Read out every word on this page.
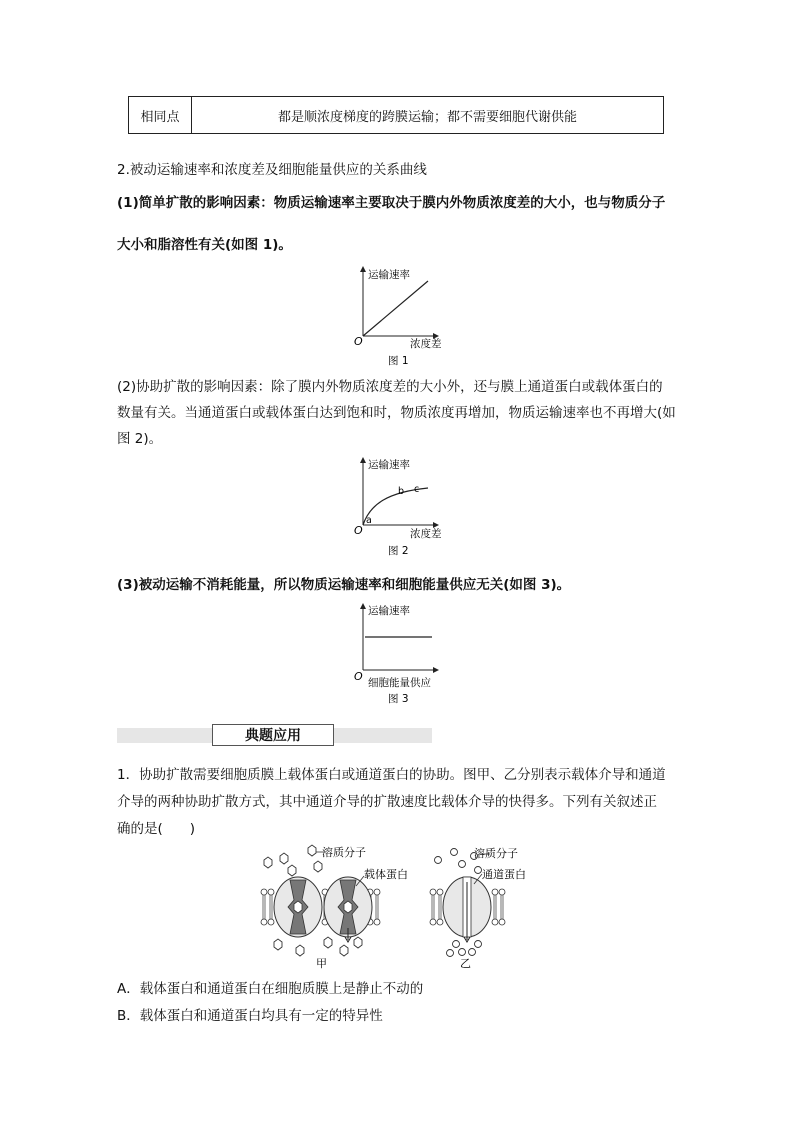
相同点	都是顺浓度梯度的跨膜运输；都不需要细胞代谢供能
2.被动运输速率和浓度差及细胞能量供应的关系曲线
(1)简单扩散的影响因素：物质运输速率主要取决于膜内外物质浓度差的大小，也与物质分子
大小和脂溶性有关(如图 1)。
运输速率
O	浓度差
图 1
(2)协助扩散的影响因素：除了膜内外物质浓度差的大小外，还与膜上通道蛋白或载体蛋白的
数量有关。当通道蛋白或载体蛋白达到饱和时，物质浓度再增加，物质运输速率也不再增大(如
图 2)。
运输速率
a
b c
O	浓度差
图 2
(3)被动运输不消耗能量，所以物质运输速率和细胞能量供应无关(如图 3)。
运输速率
O 细胞能量供应
图 3
典题应用
1．协助扩散需要细胞质膜上载体蛋白或通道蛋白的协助。图甲、乙分别表示载体介导和通道
介导的两种协助扩散方式，其中通道介导的扩散速度比载体介导的快得多。下列有关叙述正
确的是(　　)
溶质分子
载体蛋白
甲
溶质分子
通道蛋白
乙
A．载体蛋白和通道蛋白在细胞质膜上是静止不动的
B．载体蛋白和通道蛋白均具有一定的特异性
